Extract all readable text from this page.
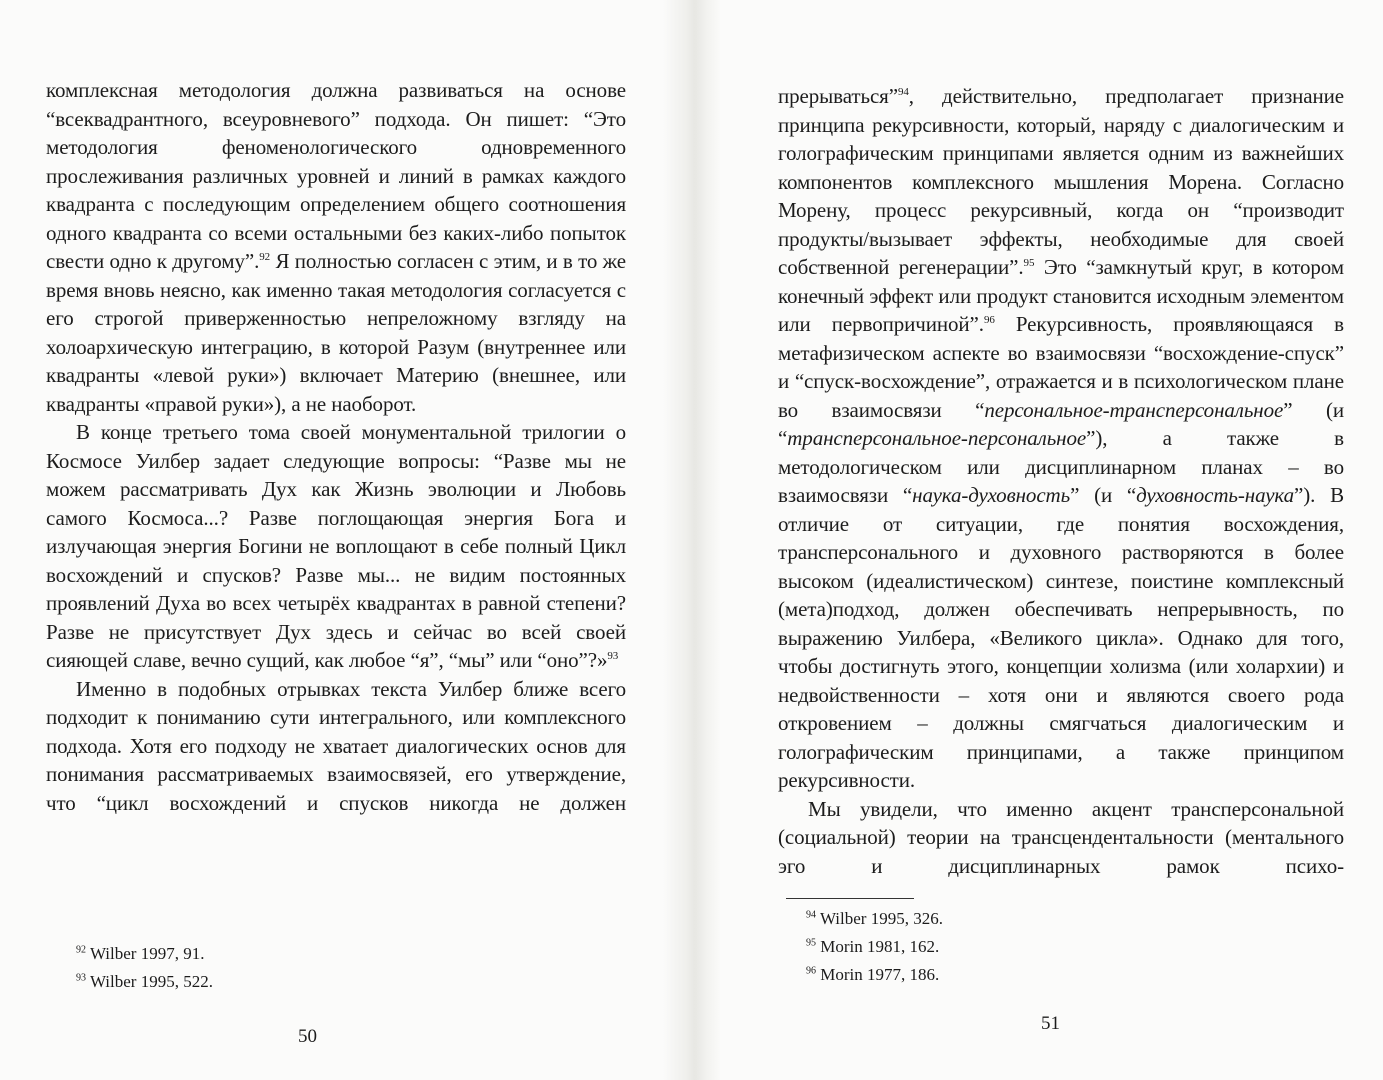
комплексная методология должна развиваться на основе “всеквадрантного, всеуровневого” подхода. Он пишет: “Это методология феноменологического одновременного прослеживания различных уровней и линий в рамках каждого квадранта с последующим определением общего соотношения одного квадранта со всеми остальными без каких-либо попыток свести одно к другому”.$^{92}$ Я полностью согласен с этим, и в то же время вновь неясно, как именно такая методология согласуется с его строгой приверженностью непреложному взгляду на холоархическую интеграцию, в которой Разум (внутреннее или квадранты «левой руки») включает Материю (внешнее, или квадранты «правой руки»), а не наоборот.

В конце третьего тома своей монументальной трилогии о Космосе Уилбер задает следующие вопросы: “Разве мы не можем рассматривать Дух как Жизнь эволюции и Любовь самого Космоса...? Разве поглощающая энергия Бога и излучающая энергия Богини не воплощают в себе полный Цикл восхождений и спусков? Разве мы... не видим постоянных проявлений Духа во всех четырёх квадрантах в равной степени? Разве не присутствует Дух здесь и сейчас во всей своей сияющей славе, вечно сущий, как любое “я”, “мы” или “оно”?»$^{93}$

Именно в подобных отрывках текста Уилбер ближе всего подходит к пониманию сути интегрального, или комплексного подхода. Хотя его подходу не хватает диалогических основ для понимания рассматриваемых взаимосвязей, его утверждение, что “цикл восхождений и спусков никогда не должен

$^{92}$ Wilber 1997, 91.
$^{93}$ Wilber 1995, 522.
50

прерываться”$^{94}$, действительно, предполагает признание принципа рекурсивности, который, наряду с диалогическим и голографическим принципами является одним из важнейших компонентов комплексного мышления Морена. Согласно Морену, процесс рекурсивный, когда он “производит продукты/вызывает эффекты, необходимые для своей собственной регенерации”.$^{95}$ Это “замкнутый круг, в котором конечный эффект или продукт становится исходным элементом или первопричиной”.$^{96}$ Рекурсивность, проявляющаяся в метафизическом аспекте во взаимосвязи “восхождение-спуск” и “спуск-восхождение”, отражается и в психологическом плане во взаимосвязи “персональное-трансперсональное” (и “трансперсональное-персональное”), а также в методологическом или дисциплинарном планах – во взаимосвязи “наука-духовность” (и “духовность-наука”). В отличие от ситуации, где понятия восхождения, трансперсонального и духовного растворяются в более высоком (идеалистическом) синтезе, поистине комплексный (мета)подход, должен обеспечивать непрерывность, по выражению Уилбера, «Великого цикла». Однако для того, чтобы достигнуть этого, концепции холизма (или холархии) и недвойственности – хотя они и являются своего рода откровением – должны смягчаться диалогическим и голографическим принципами, а также принципом рекурсивности.

Мы увидели, что именно акцент трансперсональной (социальной) теории на трансцендентальности (ментального эго и дисциплинарных рамок психо-

$^{94}$ Wilber 1995, 326.
$^{95}$ Morin 1981, 162.
$^{96}$ Morin 1977, 186.
51
